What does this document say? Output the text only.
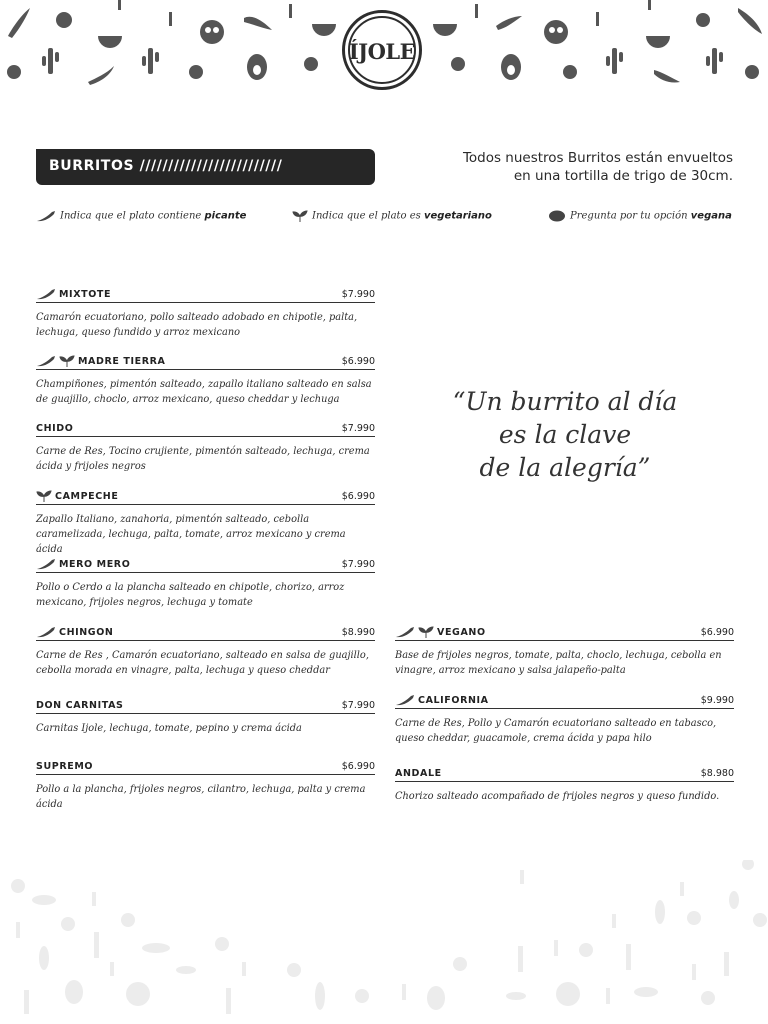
ÍJOLE
BURRITOS /////////////////////////	Todos nuestros Burritos están envueltos
en una tortilla de trigo de 30cm.
Indica que el plato contiene picante	Indica que el plato es vegetariano	Pregunta por tu opción vegana
MIXTOTE	$7.990
Camarón ecuatoriano, pollo salteado adobado en chipotle, palta, lechuga, queso fundido y arroz mexicano
MADRE TIERRA	$6.990
Champiñones, pimentón salteado, zapallo italiano salteado en salsa de guajillo, choclo, arroz mexicano, queso cheddar y lechuga
CHIDO	$7.990
Carne de Res, Tocino crujiente, pimentón salteado, lechuga, crema ácida y frijoles negros
CAMPECHE	$6.990
Zapallo Italiano, zanahoria, pimentón salteado, cebolla caramelizada, lechuga, palta, tomate, arroz mexicano y crema ácida
MERO MERO	$7.990
Pollo o Cerdo a la plancha salteado en chipotle, chorizo, arroz mexicano, frijoles negros, lechuga y tomate
CHINGON	$8.990
Carne de Res , Camarón ecuatoriano, salteado en salsa de guajillo, cebolla morada en vinagre, palta, lechuga y queso cheddar
DON CARNITAS	$7.990
Carnitas Ijole, lechuga, tomate, pepino y crema ácida
SUPREMO	$6.990
Pollo a la plancha, frijoles negros, cilantro, lechuga, palta y crema ácida
“Un burrito al día
es la clave
de la alegría”
VEGANO	$6.990
Base de frijoles negros, tomate, palta, choclo, lechuga, cebolla en vinagre, arroz mexicano y salsa jalapeño-palta
CALIFORNIA	$9.990
Carne de Res, Pollo y Camarón ecuatoriano salteado en tabasco, queso cheddar, guacamole, crema ácida y papa hilo
ANDALE	$8.980
Chorizo salteado acompañado de frijoles negros y queso fundido.
